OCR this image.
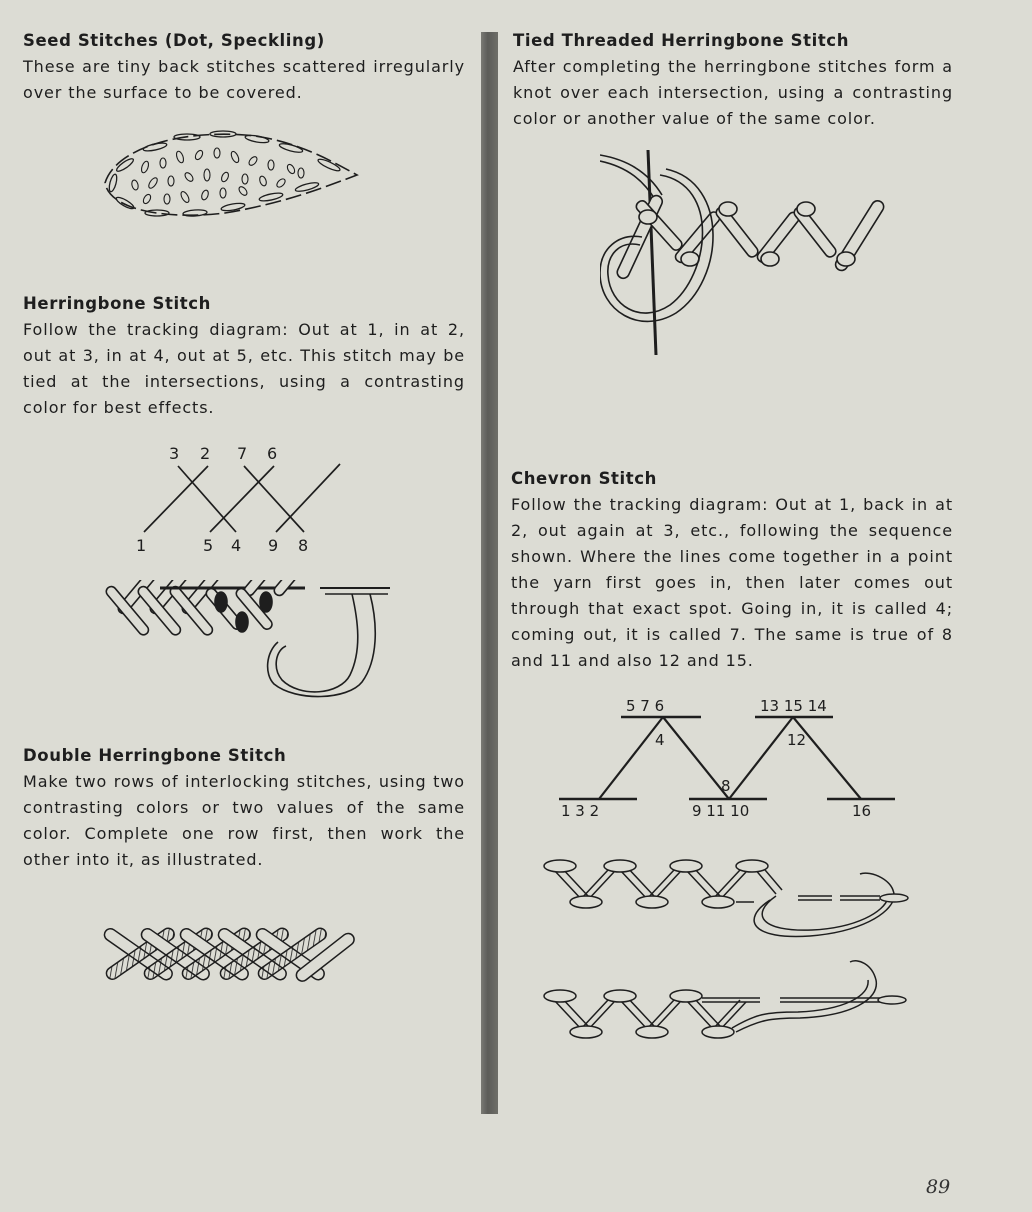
Seed Stitches (Dot, Speckling)

These are tiny back stitches scattered irregularly over the surface to be covered.

Herringbone Stitch

Follow the tracking diagram: Out at 1, in at 2, out at 3, in at 4, out at 5, etc. This stitch may be tied at the intersections, using a contrasting color for best effects.

3 2 7 6
1	5 4 9 8
Double Herringbone Stitch

Make two rows of interlocking stitches, using two contrasting colors or two values of the same color. Complete one row first, then work the other into it, as illustrated.

Tied Threaded Herringbone Stitch

After completing the herringbone stitches form a knot over each intersection, using a contrasting color or another value of the same color.

Chevron Stitch

Follow the tracking diagram: Out at 1, back in at 2, out again at 3, etc., following the sequence shown. Where the lines come together in a point the yarn first goes in, then later comes out through that exact spot. Going in, it is called 4; coming out, it is called 7. The same is true of 8 and 11 and also 12 and 15.

5 7 6	13 15 14
4	12
8
1 3 2	9 11 10	16
89
